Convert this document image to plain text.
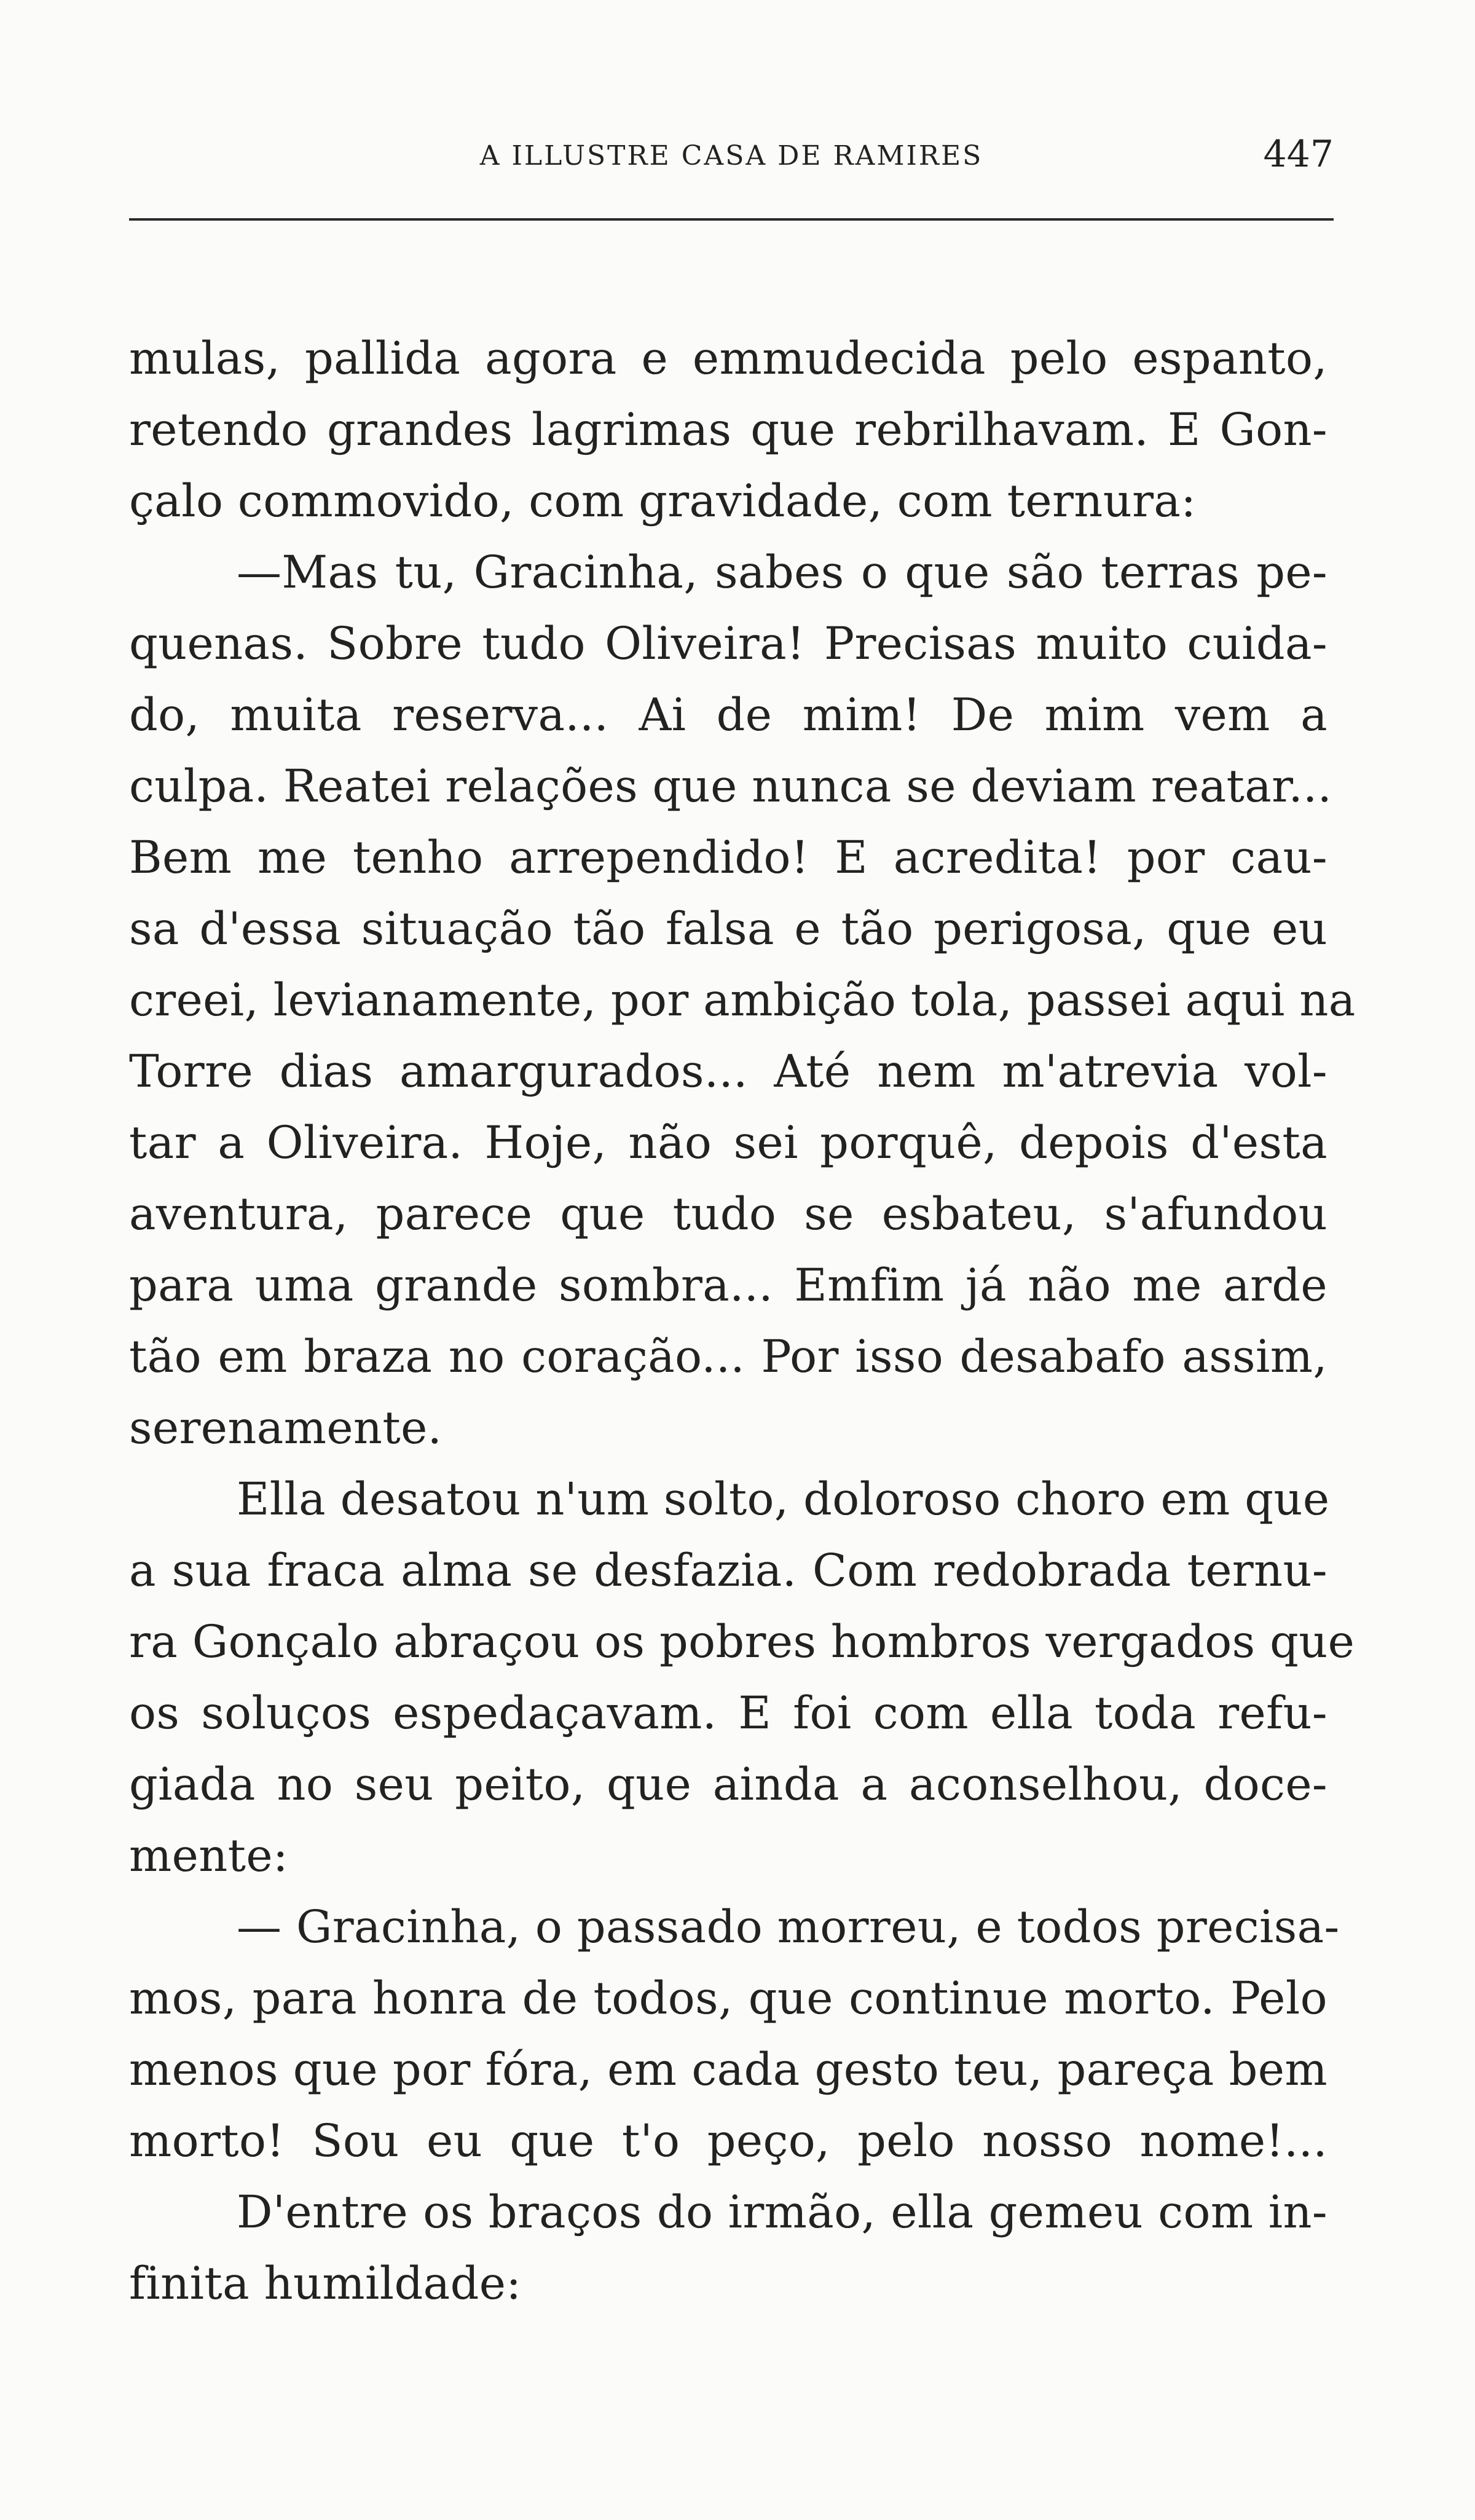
A ILLUSTRE CASA DE RAMIRES	447
mulas, pallida agora e emmudecida pelo espanto,
retendo grandes lagrimas que rebrilhavam. E Gon-
çalo commovido, com gravidade, com ternura:
—Mas tu, Gracinha, sabes o que são terras pe-
quenas. Sobre tudo Oliveira! Precisas muito cuida-
do, muita reserva... Ai de mim! De mim vem a
culpa. Reatei relações que nunca se deviam reatar...
Bem me tenho arrependido! E acredita! por cau-
sa d'essa situação tão falsa e tão perigosa, que eu
creei, levianamente, por ambição tola, passei aqui na
Torre dias amargurados... Até nem m'atrevia vol-
tar a Oliveira. Hoje, não sei porquê, depois d'esta
aventura, parece que tudo se esbateu, s'afundou
para uma grande sombra... Emfim já não me arde
tão em braza no coração... Por isso desabafo assim,
serenamente.
Ella desatou n'um solto, doloroso choro em que
a sua fraca alma se desfazia. Com redobrada ternu-
ra Gonçalo abraçou os pobres hombros vergados que
os soluços espedaçavam. E foi com ella toda refu-
giada no seu peito, que ainda a aconselhou, doce-
mente:
— Gracinha, o passado morreu, e todos precisa-
mos, para honra de todos, que continue morto. Pelo
menos que por fóra, em cada gesto teu, pareça bem
morto! Sou eu que t'o peço, pelo nosso nome!...
D'entre os braços do irmão, ella gemeu com in-
finita humildade:
